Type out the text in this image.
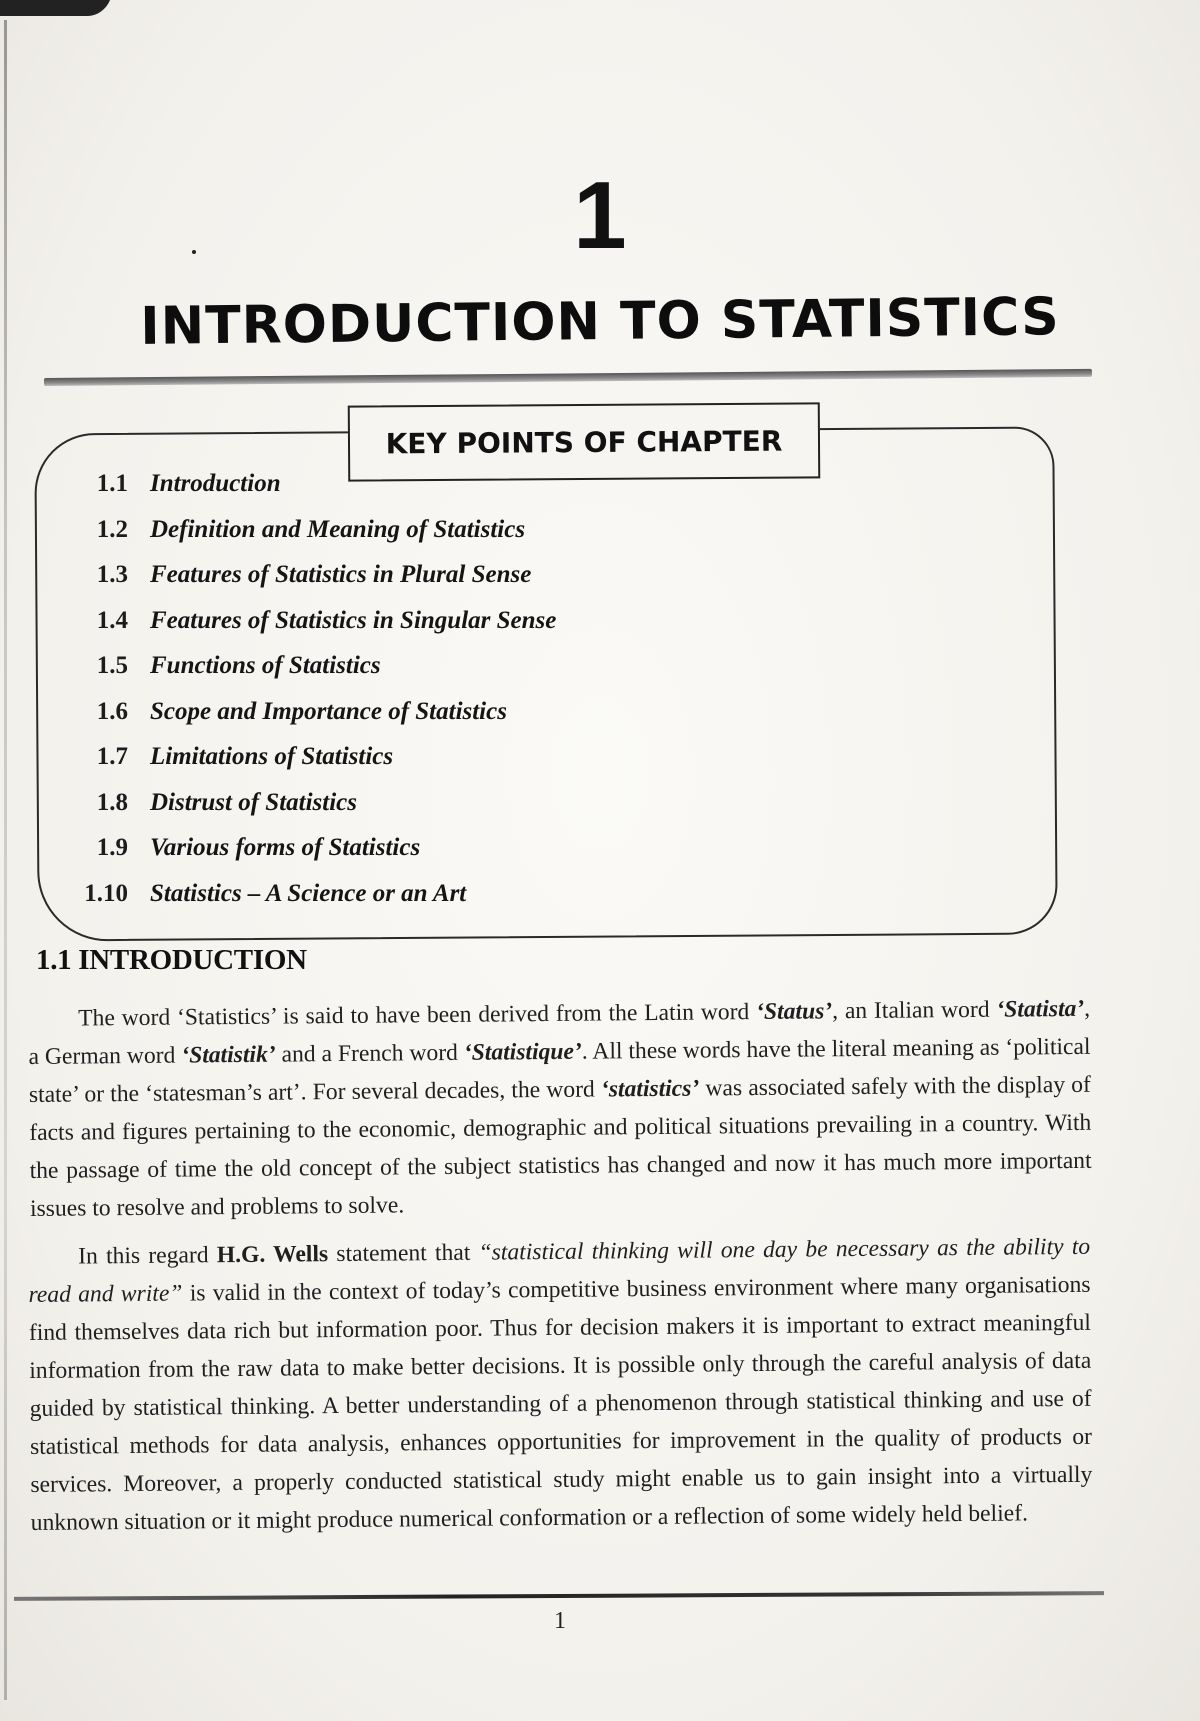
1
INTRODUCTION TO STATISTICS
KEY POINTS OF CHAPTER
1.1 Introduction
1.2 Definition and Meaning of Statistics
1.3 Features of Statistics in Plural Sense
1.4 Features of Statistics in Singular Sense
1.5 Functions of Statistics
1.6 Scope and Importance of Statistics
1.7 Limitations of Statistics
1.8 Distrust of Statistics
1.9 Various forms of Statistics
1.10 Statistics – A Science or an Art
1.1 INTRODUCTION

The word ‘Statistics’ is said to have been derived from the Latin word ‘Status’, an Italian word ‘Statista’, a German word ‘Statistik’ and a French word ‘Statistique’. All these words have the literal meaning as ‘political state’ or the ‘statesman’s art’. For several decades, the word ‘statistics’ was associated safely with the display of facts and figures pertaining to the economic, demographic and political situations prevailing in a country. With the passage of time the old concept of the subject statistics has changed and now it has much more important issues to resolve and problems to solve.

In this regard H.G. Wells statement that “statistical thinking will one day be necessary as the ability to read and write” is valid in the context of today’s competitive business environment where many organisations find themselves data rich but information poor. Thus for decision makers it is important to extract meaningful information from the raw data to make better decisions. It is possible only through the careful analysis of data guided by statistical thinking. A better understanding of a phenomenon through statistical thinking and use of statistical methods for data analysis, enhances opportunities for improvement in the quality of products or services. Moreover, a properly conducted statistical study might enable us to gain insight into a virtually unknown situation or it might produce numerical conformation or a reflection of some widely held belief.

1
